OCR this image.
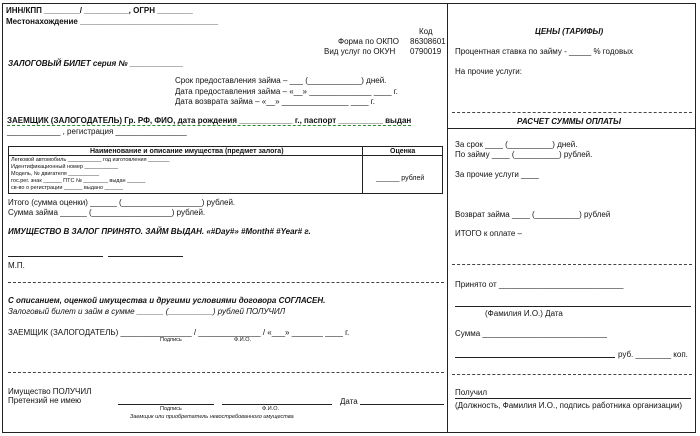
ИНН/КПП ________/ __________, ОГРН ________
Местонахождение _______________________________
Код
Форма по ОКПО 86308601
Вид услуг по ОКУН 0790019
ЗАЛОГОВЫЙ БИЛЕТ серия № ____________
Срок предоставления займа – ___ (____________) дней.
Дата предоставления займа – «__» ______________ ____ г.
Дата возврата займа – «__» _______________ ____ г.
ЗАЕМЩИК (ЗАЛОГОДАТЕЛЬ) Гр. РФ, ФИО, дата рождения ____________ г., паспорт __________ выдан
____________ , регистрация ________________
Наименование и описание имущества (предмет залога)	Оценка
Легковой автомобиль ___________ год изготовления _______
Идентификационный номер ___________
Модель, № двигателя __________
гос.рег. знак ______ ПТС № ________ выдан ______
св-во о регистрации ______ выдано ______
______ рублей
Итого (сумма оценки) ______ (__________________) рублей.
Сумма займа ______ (__________________) рублей.
ИМУЩЕСТВО В ЗАЛОГ ПРИНЯТО. ЗАЙМ ВЫДАН. «#Day#» #Month# #Year# г.
М.П.
С описанием, оценкой имущества и другими условиями договора СОГЛАСЕН.
Залоговый билет и займ в сумме ______ (__________) рублей ПОЛУЧИЛ
ЗАЕМЩИК (ЗАЛОГОДАТЕЛЬ) ________________ / ______________ / «___» _______ ____ г.
Подпись	Ф.И.О.
Имущество ПОЛУЧИЛ
Претензий не имею	Дата
Подпись	Ф.И.О.
Заемщик или приобретатель невостребованного имущества
ЦЕНЫ (ТАРИФЫ)
Процентная ставка по займу - _____ % годовых
На прочие услуги:
РАСЧЕТ СУММЫ ОПЛАТЫ
За срок ____ (__________) дней.
По займу ____ (__________) рублей.
За прочие услуги ____
Возврат займа ____ (__________) рублей
ИТОГО к оплате –
Принято от ____________________________
(Фамилия И.О.) Дата
Сумма ____________________________
руб. ________ коп.
Получил
(Должность, Фамилия И.О., подпись работника организации)
